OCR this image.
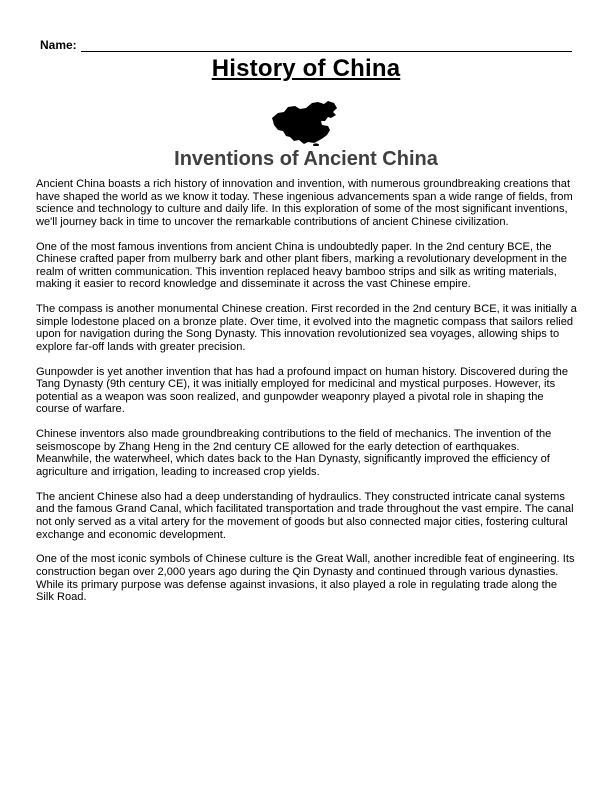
Name:
History of China
Inventions of Ancient China

Ancient China boasts a rich history of innovation and invention, with numerous groundbreaking creations that have shaped the world as we know it today. These ingenious advancements span a wide range of fields, from science and technology to culture and daily life. In this exploration of some of the most significant inventions, we'll journey back in time to uncover the remarkable contributions of ancient Chinese civilization.

One of the most famous inventions from ancient China is undoubtedly paper. In the 2nd century BCE, the Chinese crafted paper from mulberry bark and other plant fibers, marking a revolutionary development in the realm of written communication. This invention replaced heavy bamboo strips and silk as writing materials, making it easier to record knowledge and disseminate it across the vast Chinese empire.

The compass is another monumental Chinese creation. First recorded in the 2nd century BCE, it was initially a simple lodestone placed on a bronze plate. Over time, it evolved into the magnetic compass that sailors relied upon for navigation during the Song Dynasty. This innovation revolutionized sea voyages, allowing ships to explore far-off lands with greater precision.

Gunpowder is yet another invention that has had a profound impact on human history. Discovered during the Tang Dynasty (9th century CE), it was initially employed for medicinal and mystical purposes. However, its potential as a weapon was soon realized, and gunpowder weaponry played a pivotal role in shaping the course of warfare.

Chinese inventors also made groundbreaking contributions to the field of mechanics. The invention of the seismoscope by Zhang Heng in the 2nd century CE allowed for the early detection of earthquakes. Meanwhile, the waterwheel, which dates back to the Han Dynasty, significantly improved the efficiency of agriculture and irrigation, leading to increased crop yields.

The ancient Chinese also had a deep understanding of hydraulics. They constructed intricate canal systems and the famous Grand Canal, which facilitated transportation and trade throughout the vast empire. The canal not only served as a vital artery for the movement of goods but also connected major cities, fostering cultural exchange and economic development.

One of the most iconic symbols of Chinese culture is the Great Wall, another incredible feat of engineering. Its construction began over 2,000 years ago during the Qin Dynasty and continued through various dynasties. While its primary purpose was defense against invasions, it also played a role in regulating trade along the Silk Road.
